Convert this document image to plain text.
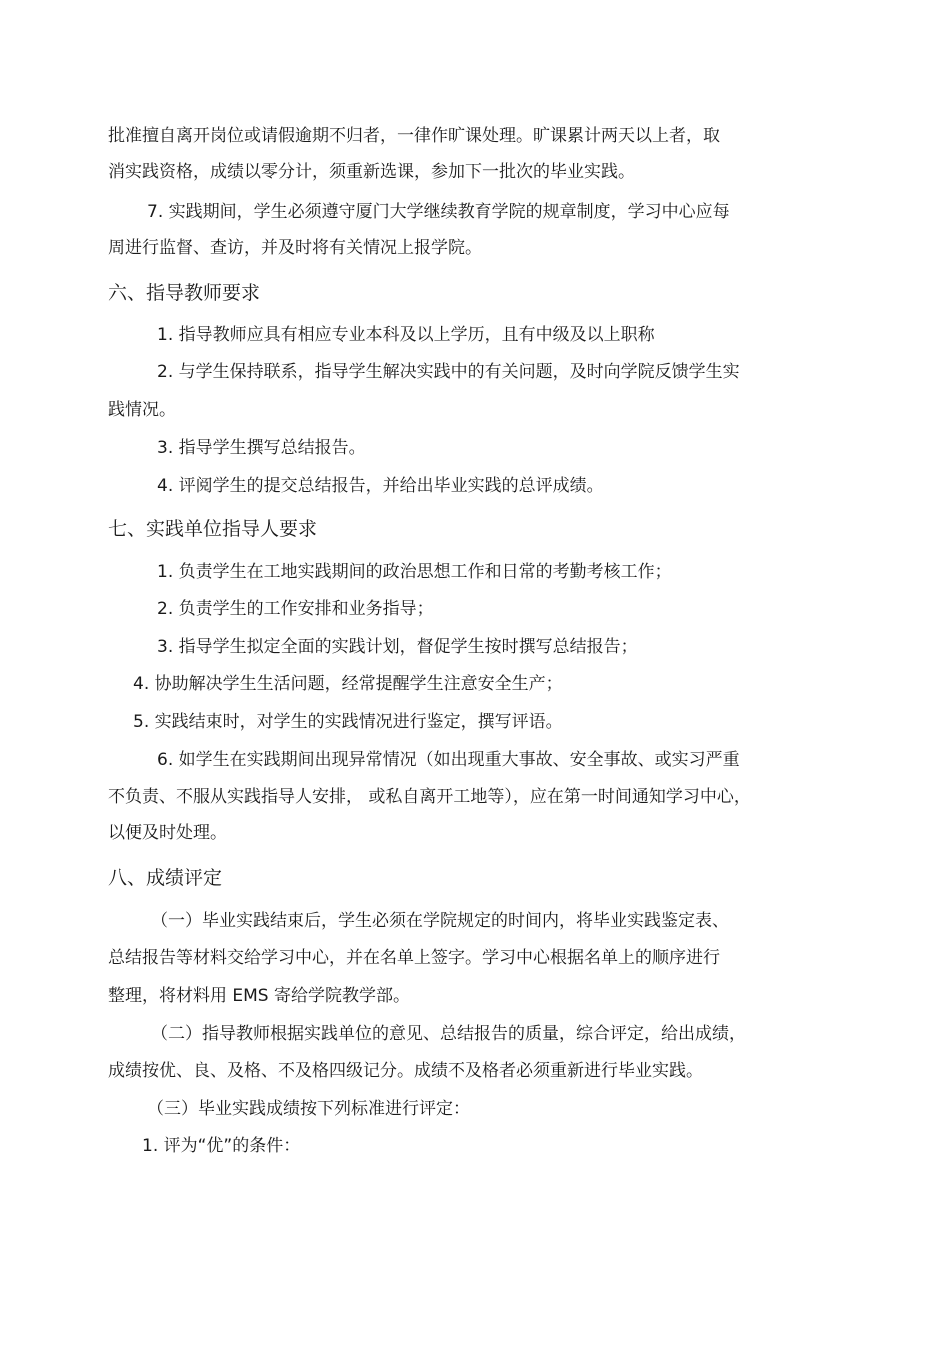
批准擅自离开岗位或请假逾期不归者，一律作旷课处理。旷课累计两天以上者，取
消实践资格，成绩以零分计，须重新选课，参加下一批次的毕业实践。
7. 实践期间，学生必须遵守厦门大学继续教育学院的规章制度，学习中心应每
周进行监督、查访，并及时将有关情况上报学院。
六、指导教师要求
1. 指导教师应具有相应专业本科及以上学历，且有中级及以上职称
2. 与学生保持联系，指导学生解决实践中的有关问题，及时向学院反馈学生实
践情况。
3. 指导学生撰写总结报告。
4. 评阅学生的提交总结报告，并给出毕业实践的总评成绩。
七、实践单位指导人要求
1. 负责学生在工地实践期间的政治思想工作和日常的考勤考核工作；
2. 负责学生的工作安排和业务指导；
3. 指导学生拟定全面的实践计划，督促学生按时撰写总结报告；
4. 协助解决学生生活问题，经常提醒学生注意安全生产；
5. 实践结束时，对学生的实践情况进行鉴定，撰写评语。
6. 如学生在实践期间出现异常情况（如出现重大事故、安全事故、或实习严重
不负责、不服从实践指导人安排， 或私自离开工地等），应在第一时间通知学习中心，
以便及时处理。
八、成绩评定
（一）毕业实践结束后，学生必须在学院规定的时间内，将毕业实践鉴定表、
总结报告等材料交给学习中心，并在名单上签字。学习中心根据名单上的顺序进行
整理，将材料用 EMS 寄给学院教学部。
（二）指导教师根据实践单位的意见、总结报告的质量，综合评定，给出成绩，
成绩按优、良、及格、不及格四级记分。成绩不及格者必须重新进行毕业实践。
（三）毕业实践成绩按下列标准进行评定：
1. 评为“优”的条件：
